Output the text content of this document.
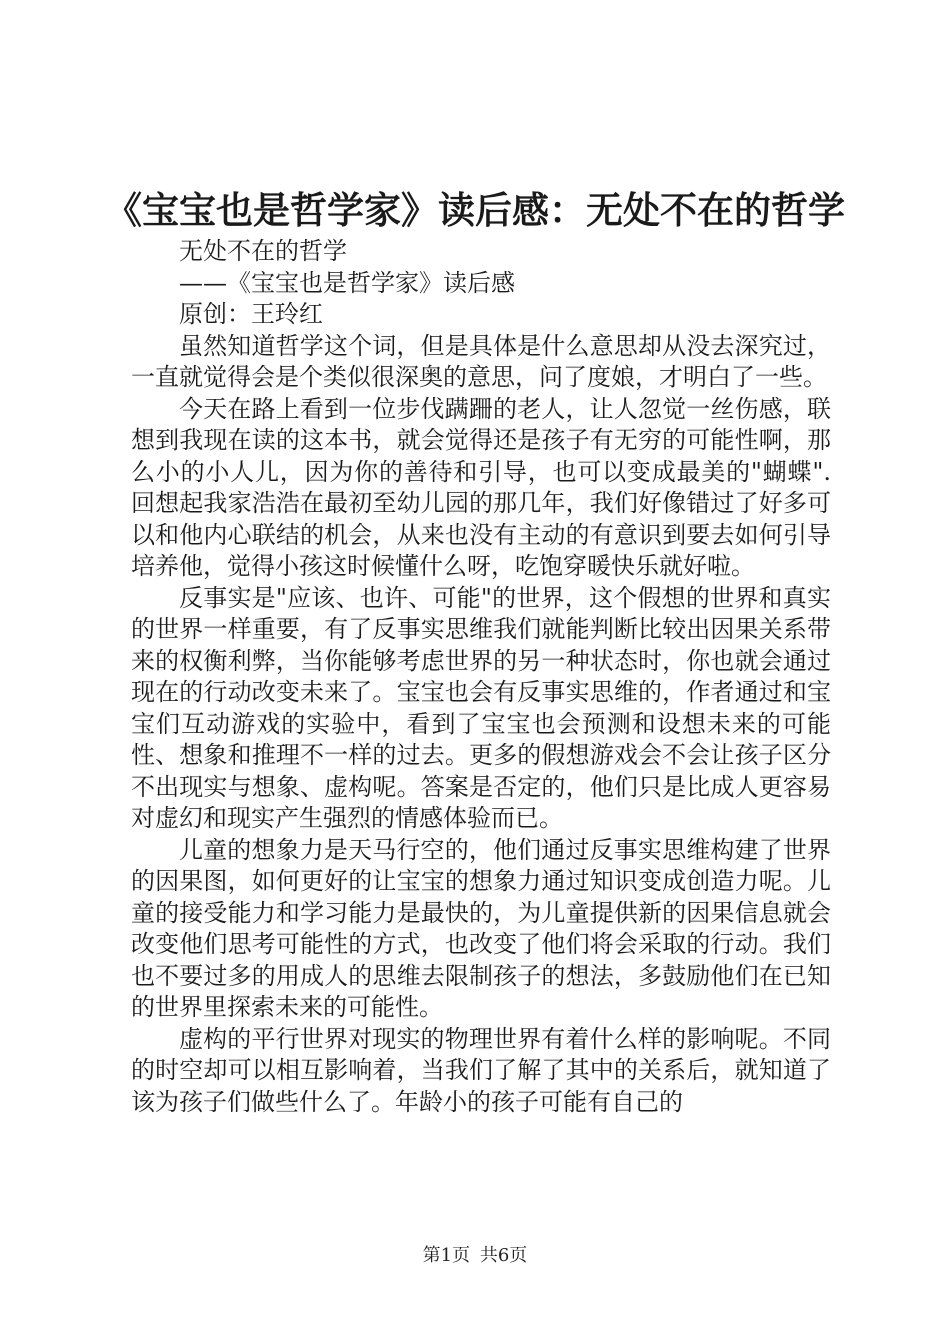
《宝宝也是哲学家》读后感：无处不在的哲学

无处不在的哲学

——《宝宝也是哲学家》读后感

原创：王玲红

虽然知道哲学这个词，但是具体是什么意思却从没去深究过，一直就觉得会是个类似很深奥的意思，问了度娘，才明白了一些。

今天在路上看到一位步伐蹒跚的老人，让人忽觉一丝伤感，联想到我现在读的这本书，就会觉得还是孩子有无穷的可能性啊，那么小的小人儿，因为你的善待和引导，也可以变成最美的"蝴蝶".回想起我家浩浩在最初至幼儿园的那几年，我们好像错过了好多可以和他内心联结的机会，从来也没有主动的有意识到要去如何引导培养他，觉得小孩这时候懂什么呀，吃饱穿暖快乐就好啦。

反事实是"应该、也许、可能"的世界，这个假想的世界和真实的世界一样重要，有了反事实思维我们就能判断比较出因果关系带来的权衡利弊，当你能够考虑世界的另一种状态时，你也就会通过现在的行动改变未来了。宝宝也会有反事实思维的，作者通过和宝宝们互动游戏的实验中，看到了宝宝也会预测和设想未来的可能性、想象和推理不一样的过去。更多的假想游戏会不会让孩子区分不出现实与想象、虚构呢。答案是否定的，他们只是比成人更容易对虚幻和现实产生强烈的情感体验而已。

儿童的想象力是天马行空的，他们通过反事实思维构建了世界的因果图，如何更好的让宝宝的想象力通过知识变成创造力呢。儿童的接受能力和学习能力是最快的，为儿童提供新的因果信息就会改变他们思考可能性的方式，也改变了他们将会采取的行动。我们也不要过多的用成人的思维去限制孩子的想法，多鼓励他们在已知的世界里探索未来的可能性。

虚构的平行世界对现实的物理世界有着什么样的影响呢。不同的时空却可以相互影响着，当我们了解了其中的关系后，就知道了该为孩子们做些什么了。年龄小的孩子可能有自己的

第1页 共6页
